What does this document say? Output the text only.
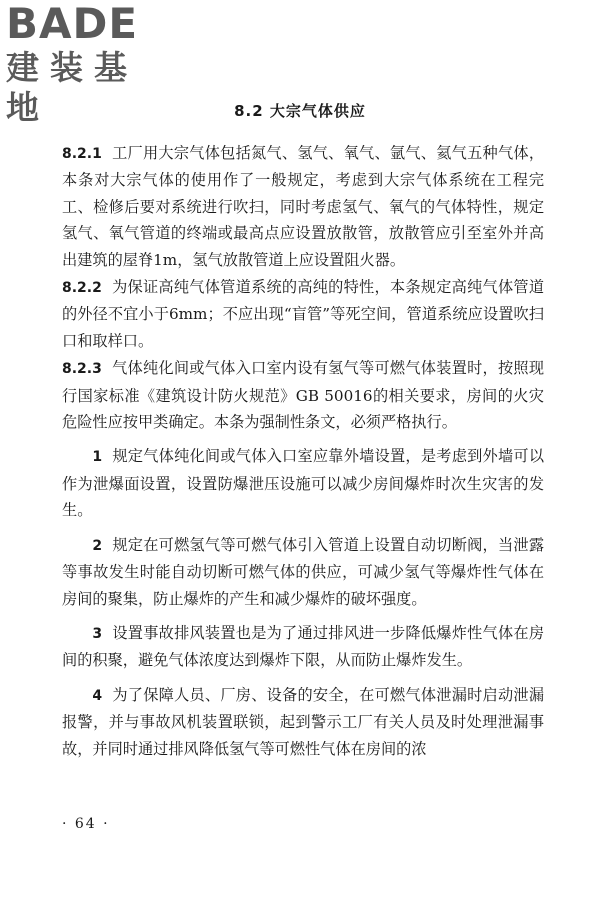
BADE
建装基地	8.2 大宗气体供应

8.2.1 工厂用大宗气体包括氮气、氢气、氧气、氩气、氦气五种气体，本条对大宗气体的使用作了一般规定，考虑到大宗气体系统在工程完工、检修后要对系统进行吹扫，同时考虑氢气、氧气的气体特性，规定氢气、氧气管道的终端或最高点应设置放散管，放散管应引至室外并高出建筑的屋脊1m，氢气放散管道上应设置阻火器。

8.2.2 为保证高纯气体管道系统的高纯的特性，本条规定高纯气体管道的外径不宜小于6mm；不应出现“盲管”等死空间，管道系统应设置吹扫口和取样口。

8.2.3 气体纯化间或气体入口室内设有氢气等可燃气体装置时，按照现行国家标准《建筑设计防火规范》GB 50016的相关要求，房间的火灾危险性应按甲类确定。本条为强制性条文，必须严格执行。

1 规定气体纯化间或气体入口室应靠外墙设置，是考虑到外墙可以作为泄爆面设置，设置防爆泄压设施可以减少房间爆炸时次生灾害的发生。

2 规定在可燃氢气等可燃气体引入管道上设置自动切断阀，当泄露等事故发生时能自动切断可燃气体的供应，可减少氢气等爆炸性气体在房间的聚集，防止爆炸的产生和减少爆炸的破坏强度。

3 设置事故排风装置也是为了通过排风进一步降低爆炸性气体在房间的积聚，避免气体浓度达到爆炸下限，从而防止爆炸发生。

4 为了保障人员、厂房、设备的安全，在可燃气体泄漏时启动泄漏报警，并与事故风机装置联锁，起到警示工厂有关人员及时处理泄漏事故，并同时通过排风降低氢气等可燃性气体在房间的浓

· 64 ·
